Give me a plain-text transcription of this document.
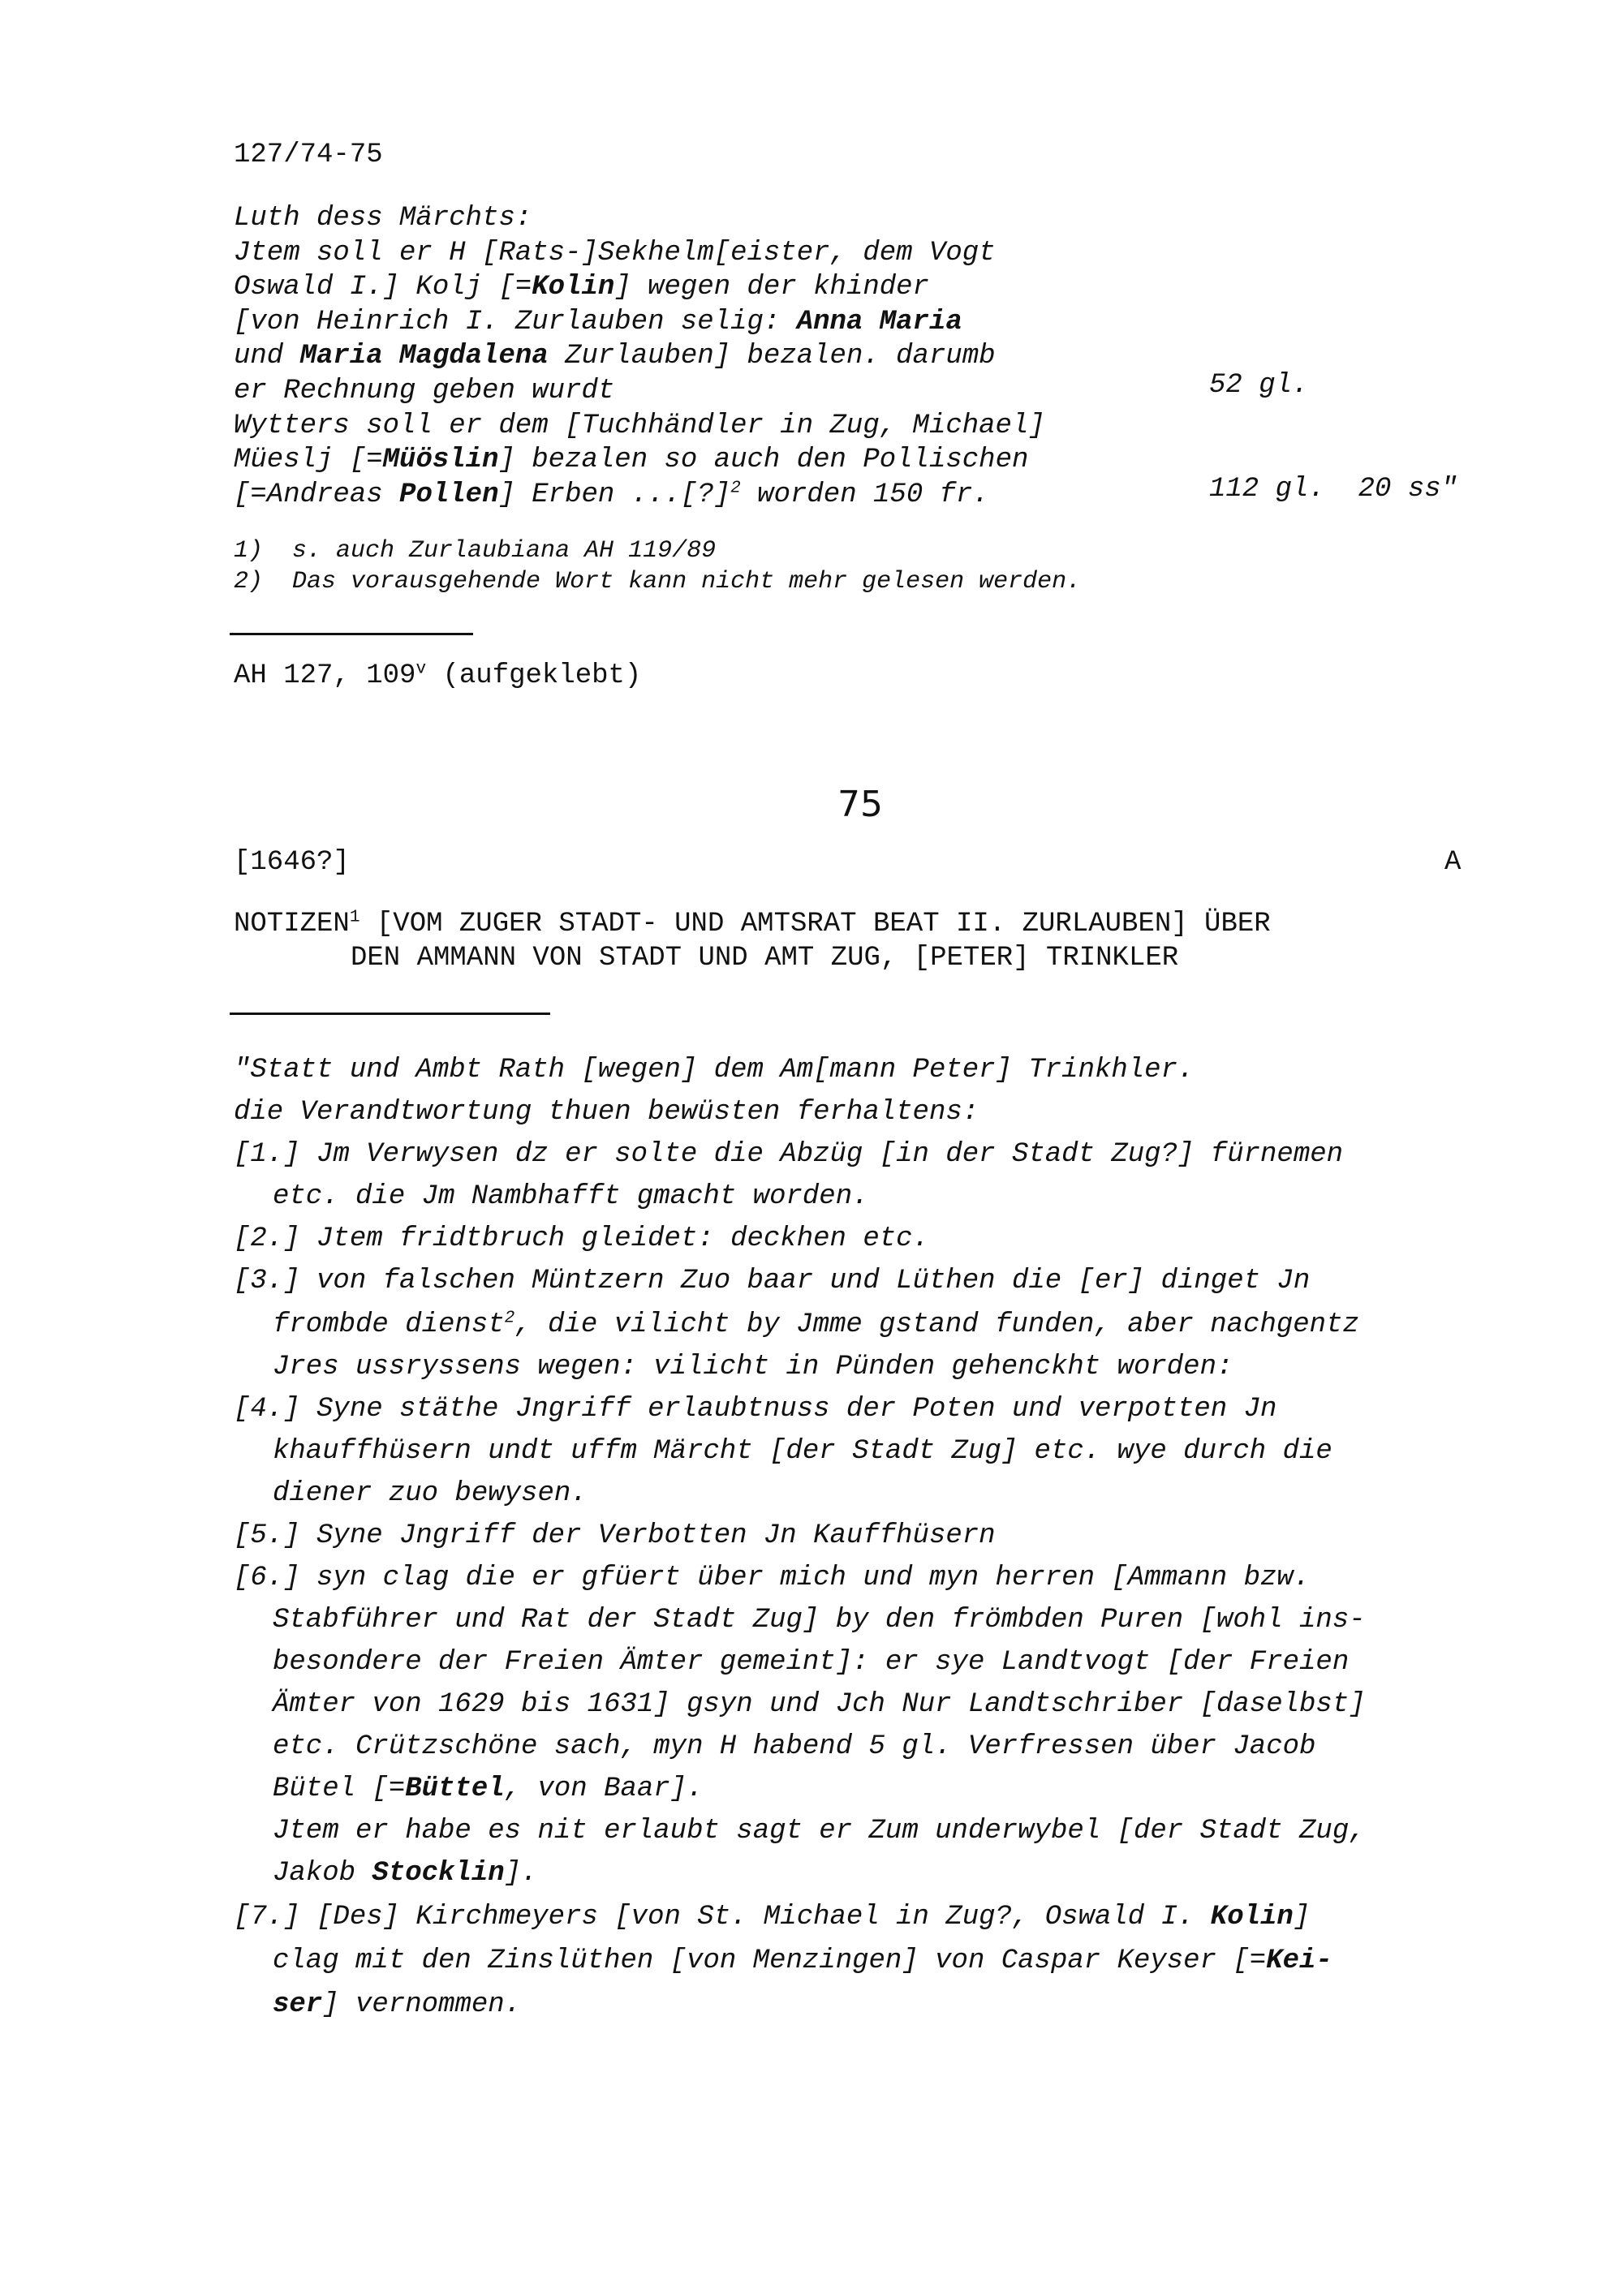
127/74-75
Luth dess Märchts:
Jtem soll er H [Rats-]Sekhelm[eister, dem Vogt
Oswald I.] Kolj [=Kolin] wegen der khinder
[von Heinrich I. Zurlauben selig: Anna Maria
und Maria Magdalena Zurlauben] bezalen. darumb
er Rechnung geben wurdt
Wytters soll er dem [Tuchhändler in Zug, Michael]
Müeslj [=Müöslin] bezalen so auch den Pollischen
[=Andreas Pollen] Erben ...[?]$^2$ worden 150 fr.
52 gl.
112 gl.  20 ss"
1)  s. auch Zurlaubiana AH 119/89
2)  Das vorausgehende Wort kann nicht mehr gelesen werden.
AH 127, 109$^v$ (aufgeklebt)
75
[1646?]	A
NOTIZEN$^1$ [VOM ZUGER STADT- UND AMTSRAT BEAT II. ZURLAUBEN] ÜBER
DEN AMMANN VON STADT UND AMT ZUG, [PETER] TRINKLER
"Statt und Ambt Rath [wegen] dem Am[mann Peter] Trinkhler.
die Verandtwortung thuen bewüsten ferhaltens:
[1.] Jm Verwysen dz er solte die Abzüg [in der Stadt Zug?] fürnemen
etc. die Jm Nambhafft gmacht worden.
[2.] Jtem fridtbruch gleidet: deckhen etc.
[3.] von falschen Müntzern Zuo baar und Lüthen die [er] dinget Jn
frombde dienst$^2$, die vilicht by Jmme gstand funden, aber nachgentz
Jres ussryssens wegen: vilicht in Pünden gehenckht worden:
[4.] Syne stäthe Jngriff erlaubtnuss der Poten und verpotten Jn
khauffhüsern undt uffm Märcht [der Stadt Zug] etc. wye durch die
diener zuo bewysen.
[5.] Syne Jngriff der Verbotten Jn Kauffhüsern
[6.] syn clag die er gfüert über mich und myn herren [Ammann bzw.
Stabführer und Rat der Stadt Zug] by den frömbden Puren [wohl ins-
besondere der Freien Ämter gemeint]: er sye Landtvogt [der Freien
Ämter von 1629 bis 1631] gsyn und Jch Nur Landtschriber [daselbst]
etc. Crützschöne sach, myn H habend 5 gl. Verfressen über Jacob
Bütel [=Büttel, von Baar].
Jtem er habe es nit erlaubt sagt er Zum underwybel [der Stadt Zug,
Jakob Stocklin].
[7.] [Des] Kirchmeyers [von St. Michael in Zug?, Oswald I. Kolin]
clag mit den Zinslüthen [von Menzingen] von Caspar Keyser [=Kei-
ser] vernommen.
